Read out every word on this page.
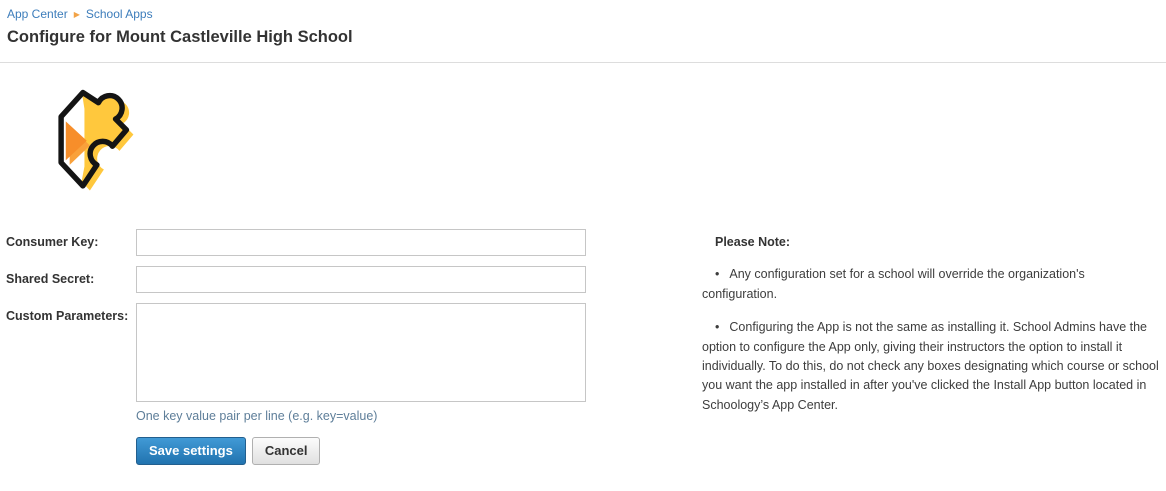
App Center ▶ School Apps
Configure for Mount Castleville High School
Consumer Key:
Shared Secret:
Custom Parameters:
One key value pair per line (e.g. key=value)
Save settings	Cancel
Please Note:

• Any configuration set for a school will override the organization's configuration.

• Configuring the App is not the same as installing it. School Admins have the option to configure the App only, giving their instructors the option to install it individually. To do this, do not check any boxes designating which course or school you want the app installed in after you've clicked the Install App button located in Schoology’s App Center.
